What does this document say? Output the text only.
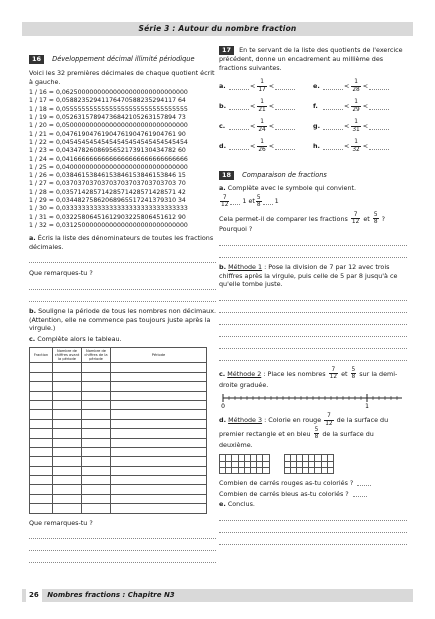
Série 3 : Autour du nombre fraction
16 Développement décimal illimité périodique
Voici les 32 premières décimales de chaque quotient écrit à gauche.
1 / 16 = 0,06250000000000000000000000000000
1 / 17 ≈ 0,05882352941176470588235294117 64
1 / 18 ≈ 0,05555555555555555555555555555555
1 / 19 ≈ 0,05263157894736842105263157894 73
1 / 20 = 0,05000000000000000000000000000000
1 / 21 ≈ 0,04761904761904761904761904761 90
1 / 22 ≈ 0,04545454545454545454545454545454
1 / 23 ≈ 0,04347826086956521739130434782 60
1 / 24 ≈ 0,04166666666666666666666666666666
1 / 25 = 0,04000000000000000000000000000000
1 / 26 ≈ 0,03846153846153846153846153846 15
1 / 27 ≈ 0,03703703703703703703703703703 70
1 / 28 ≈ 0,03571428571428571428571428571 42
1 / 29 ≈ 0,03448275862068965517241379310 34
1 / 30 ≈ 0,03333333333333333333333333333333
1 / 31 ≈ 0,03225806451612903225806451612 90
1 / 32 = 0,03125000000000000000000000000000
a. Écris la liste des dénominateurs de toutes les fractions décimales.
Que remarques-tu ?
b. Souligne la période de tous les nombres non décimaux. (Attention, elle ne commence pas toujours juste après la virgule.)
c. Complète alors le tableau.
Fraction	Nombre de chiffres avant la période	Nombre de chiffres de la période	Période

Que remarques-tu ?
17 En te servant de la liste des quotients de l'exercice précédent, donne un encadrement au millième des fractions suivantes.
a.	< $\frac{1}{17}$ <	e.	< $\frac{1}{28}$ <
b.	< $\frac{1}{21}$ <	f.	< $\frac{1}{29}$ <
c.	< $\frac{1}{24}$ <	g.	< $\frac{1}{31}$ <
d.	< $\frac{1}{26}$ <	h.	< $\frac{1}{32}$ <
18 Comparaison de fractions
a. Complète avec le symbole qui convient.
$\frac{7}{12} 1$ et $\frac{5}{8} 1$
Cela permet-il de comparer les fractions $\frac{7}{12}$ et $\frac{5}{8}$ ? Pourquoi ?
b. Méthode 1 : Pose la division de 7 par 12 avec trois chiffres après la virgule, puis celle de 5 par 8 jusqu'à ce qu'elle tombe juste.
c. Méthode 2 : Place les nombres $\frac{7}{12}$ et $\frac{5}{8}$ sur la demi-droite graduée.
0	1
d. Méthode 3 : Colorie en rouge $\frac{7}{12}$ de la surface du premier rectangle et en bleu $\frac{5}{8}$ de la surface du deuxième.
Combien de carrés rouges as-tu coloriés ?
Combien de carrés bleus as-tu coloriés ?
e. Conclus.
26 Nombres fractions : Chapitre N3
